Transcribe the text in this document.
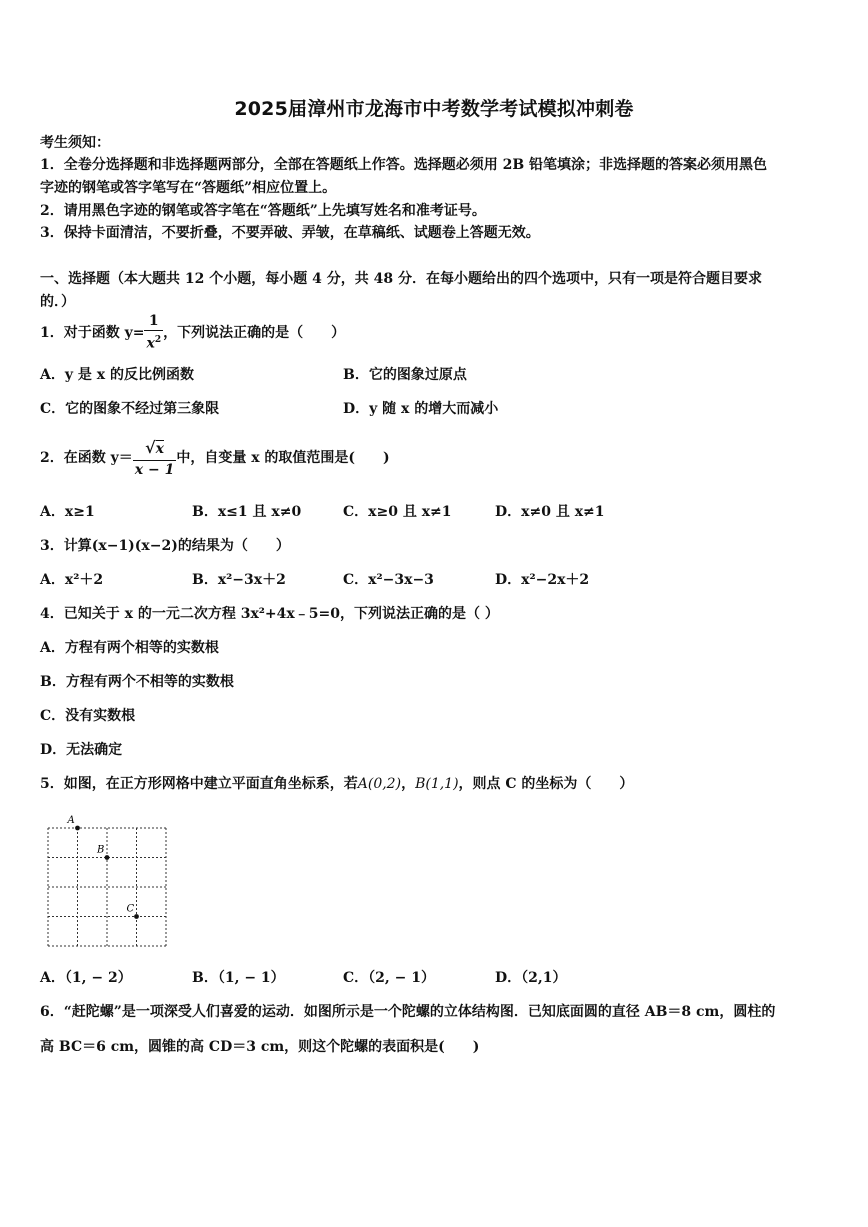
2025届漳州市龙海市中考数学考试模拟冲刺卷
考生须知：
1．全卷分选择题和非选择题两部分，全部在答题纸上作答。选择题必须用 2B 铅笔填涂；非选择题的答案必须用黑色
字迹的钢笔或答字笔写在“答题纸”相应位置上。
2．请用黑色字迹的钢笔或答字笔在“答题纸”上先填写姓名和准考证号。
3．保持卡面清洁，不要折叠，不要弄破、弄皱，在草稿纸、试题卷上答题无效。
一、选择题（本大题共 12 个小题，每小题 4 分，共 48 分．在每小题给出的四个选项中，只有一项是符合题目要求
的．）
1．对于函数 $y= \frac{1}{x^2}$ ，下列说法正确的是（　　）
A．y 是 x 的反比例函数	B．它的图象过原点
C．它的图象不经过第三象限	D．y 随 x 的增大而减小
2．在函数 $y= \frac{√x}{x - 1}$ 中，自变量 x 的取值范围是(　　)
A．x≥1	B．x≤1 且 x≠0	C．x≥0 且 x≠1	D．x≠0 且 x≠1
3．计算(x−1)(x−2)的结果为（　　）
A．x²＋2	B．x²−3x＋2	C．x²−3x−3	D．x²−2x＋2
4．已知关于 x 的一元二次方程 3x²+4x﹣5=0，下列说法正确的是（ ）
A．方程有两个相等的实数根
B．方程有两个不相等的实数根
C．没有实数根
D．无法确定
5．如图，在正方形网格中建立平面直角坐标系，若A(0,2)，B(1,1)，则点 C 的坐标为（　　）
A
B
C
A．（1, − 2）	B．（1, − 1）	C．（2, − 1）	D．（2,1）
6．“赶陀螺”是一项深受人们喜爱的运动．如图所示是一个陀螺的立体结构图．已知底面圆的直径 AB＝8 cm，圆柱的
高 BC＝6 cm，圆锥的高 CD＝3 cm，则这个陀螺的表面积是(　　)
